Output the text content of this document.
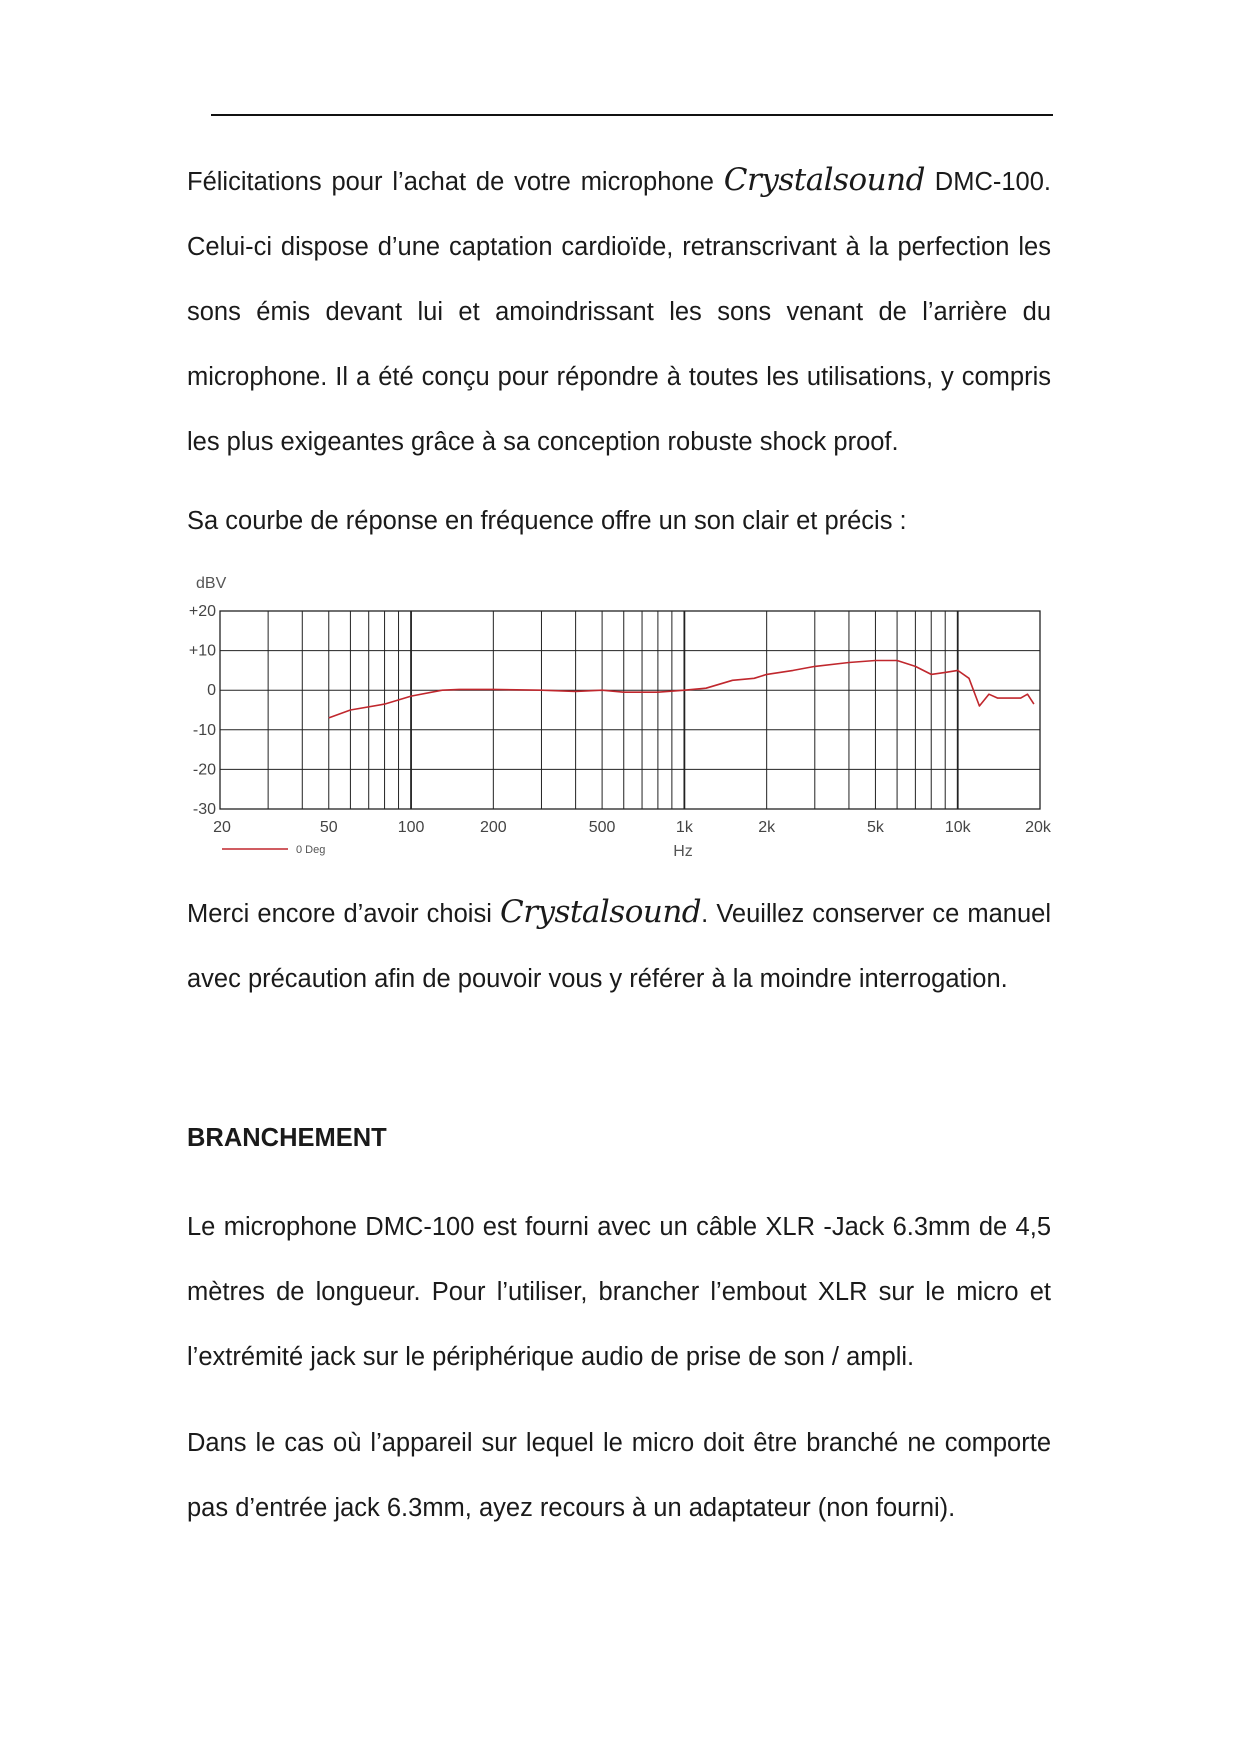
Félicitations pour l’achat de votre microphone Crystalsound DMC-100. Celui-ci dispose d’une captation cardioïde, retranscrivant à la perfection les sons émis devant lui et amoindrissant les sons venant de l’arrière du microphone. Il a été conçu pour répondre à toutes les utilisations, y compris les plus exigeantes grâce à sa conception robuste shock proof.

Sa courbe de réponse en fréquence offre un son clair et précis :

dBV
Hz
0 Deg
+20
+10
0
-10
-20
-30
20	50	100	200	500	1k	2k	5k	10k	20k

Merci encore d’avoir choisi Crystalsound. Veuillez conserver ce manuel avec précaution afin de pouvoir vous y référer à la moindre interrogation.

BRANCHEMENT

Le microphone DMC-100 est fourni avec un câble XLR -Jack 6.3mm de 4,5 mètres de longueur. Pour l’utiliser, brancher l’embout XLR sur le micro et l’extrémité jack sur le périphérique audio de prise de son / ampli.

Dans le cas où l’appareil sur lequel le micro doit être branché ne comporte pas d’entrée jack 6.3mm, ayez recours à un adaptateur (non fourni).
